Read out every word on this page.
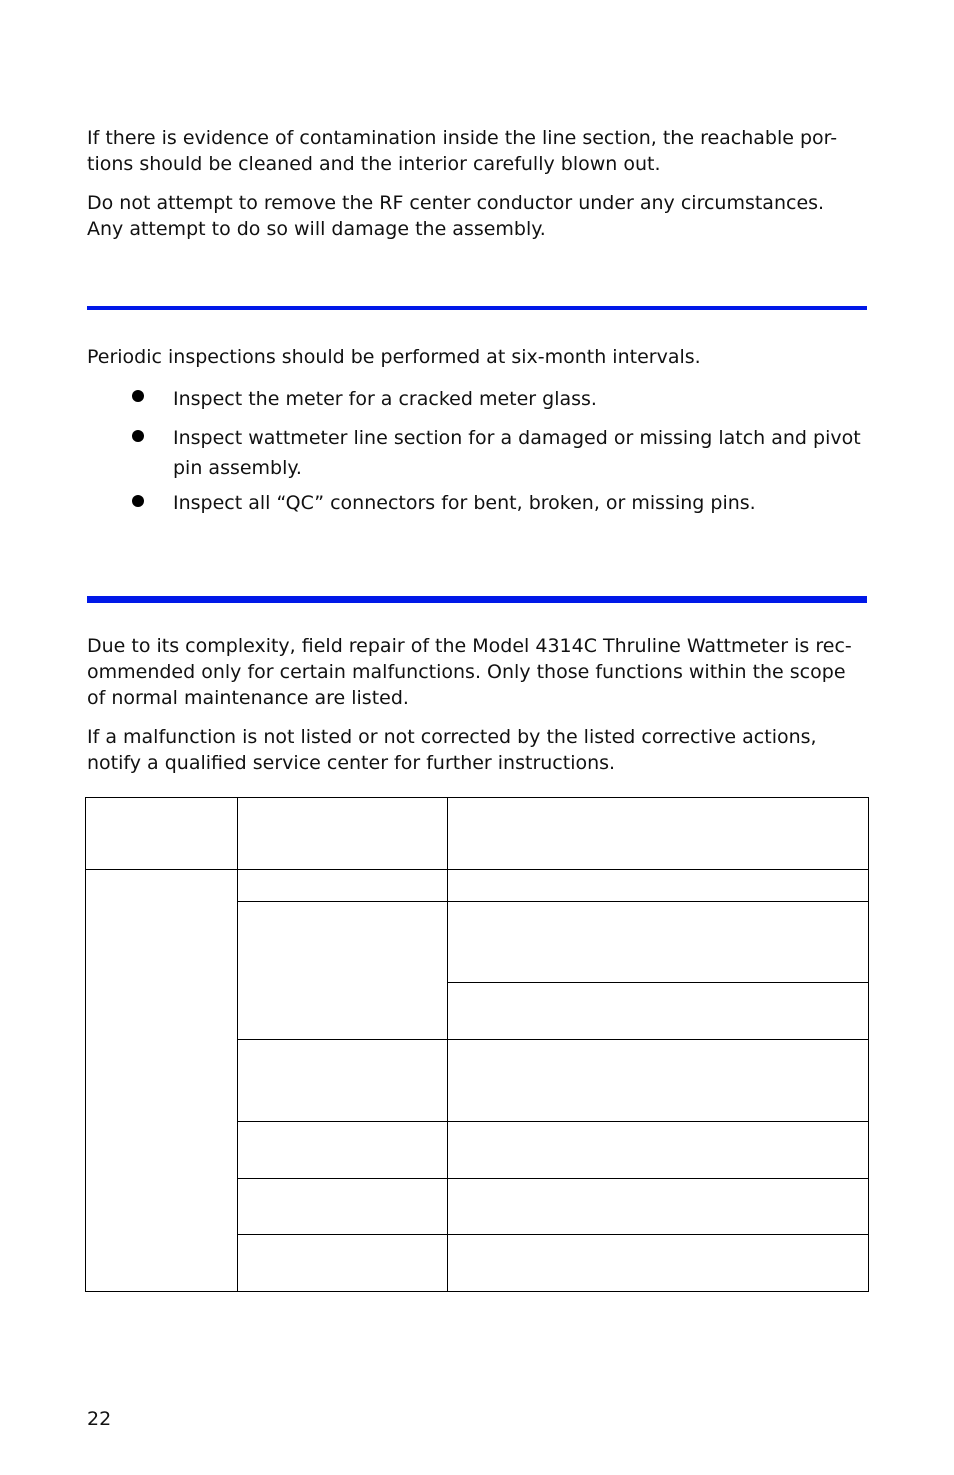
If there is evidence of contamination inside the line section, the reachable por-
tions should be cleaned and the interior carefully blown out.

Do not attempt to remove the RF center conductor under any circumstances.
Any attempt to do so will damage the assembly.

Periodic inspections should be performed at six-month intervals.

Inspect the meter for a cracked meter glass.
Inspect wattmeter line section for a damaged or missing latch and pivot
pin assembly.
Inspect all “QC” connectors for bent, broken, or missing pins.

Due to its complexity, field repair of the Model 4314C Thruline Wattmeter is rec-
ommended only for certain malfunctions. Only those functions within the scope
of normal maintenance are listed.

If a malfunction is not listed or not corrected by the listed corrective actions,
notify a qualified service center for further instructions.

22
